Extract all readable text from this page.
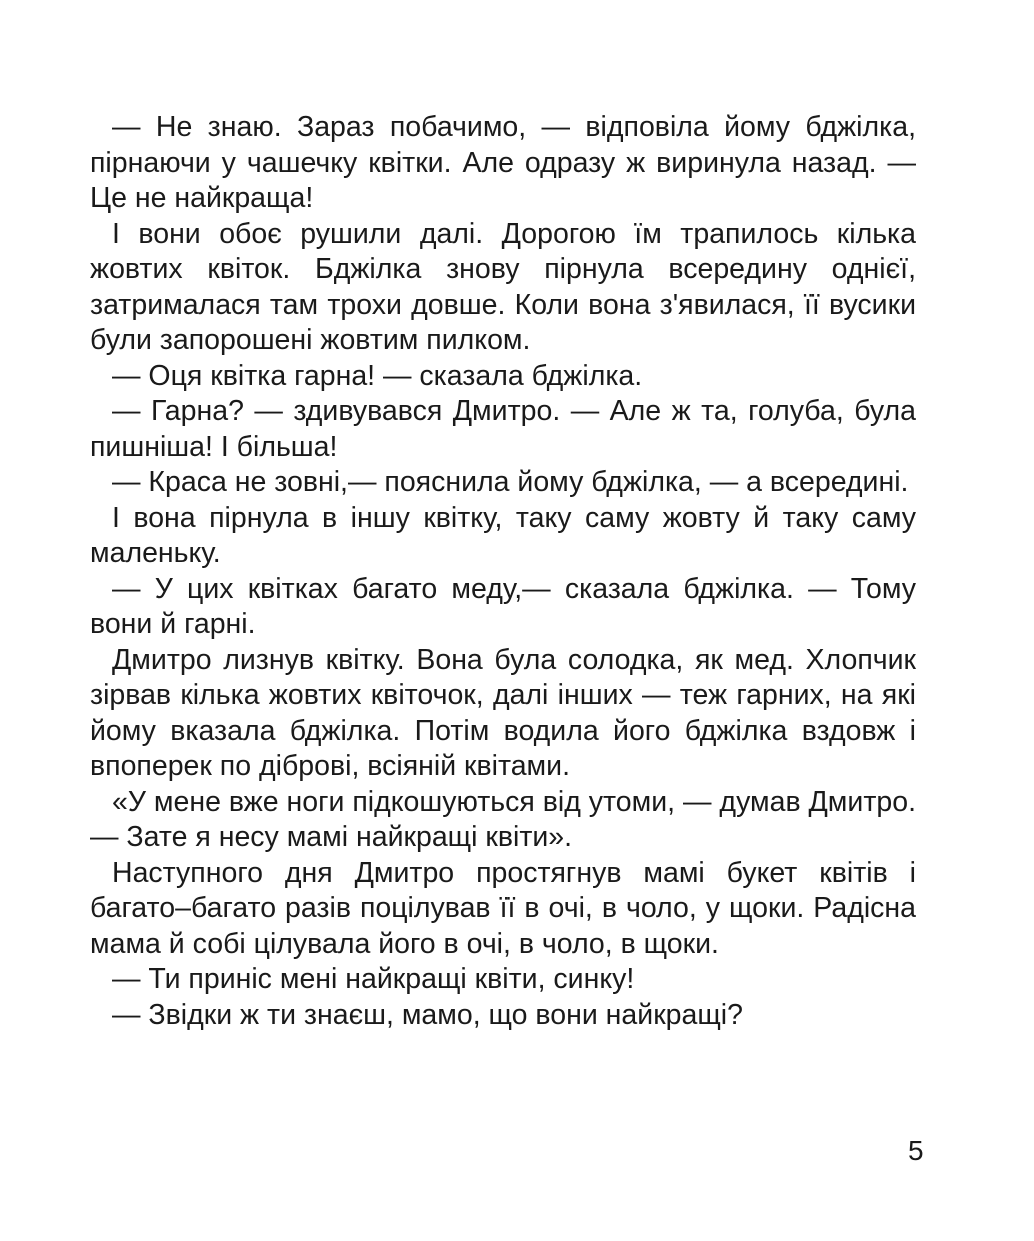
— Не знаю. Зараз побачимо, — відповіла йому бджілка, пірнаючи у чашечку квітки. Але одразу ж виринула назад. — Це не найкраща!

І вони обоє рушили далі. Дорогою їм трапилось кілька жовтих квіток. Бджілка знову пірнула всередину однієї, затрималася там трохи довше. Коли вона з'явилася, її вусики були запорошені жовтим пилком.

— Оця квітка гарна! — сказала бджілка.

— Гарна? — здивувався Дмитро. — Але ж та, голуба, була пишніша! І більша!

— Краса не зовні,— пояснила йому бджілка, — а всередині.

І вона пірнула в іншу квітку, таку саму жовту й таку саму маленьку.

— У цих квітках багато меду,— сказала бджілка. — Тому вони й гарні.

Дмитро лизнув квітку. Вона була солодка, як мед. Хлопчик зірвав кілька жовтих квіточок, далі інших — теж гарних, на які йому вказала бджілка. Потім водила його бджілка вздовж і впоперек по діброві, всіяній квітами.

«У мене вже ноги підкошуються від утоми, — думав Дмитро. — Зате я несу мамі найкращі квіти».

Наступного дня Дмитро простягнув мамі букет квітів і багато–багато разів поцілував її в очі, в чоло, у щоки. Радісна мама й собі цілувала його в очі, в чоло, в щоки.

— Ти приніс мені найкращі квіти, синку!

— Звідки ж ти знаєш, мамо, що вони найкращі?

5
